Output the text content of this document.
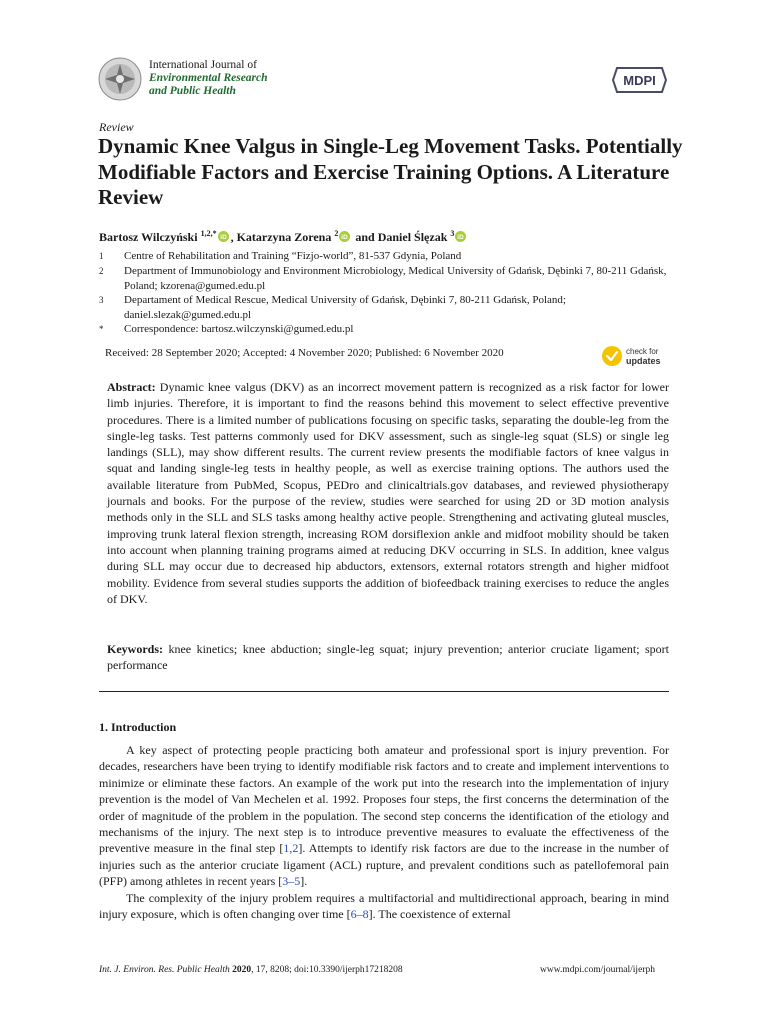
International Journal of
Environmental Research
and Public Health
MDPI
Review
Dynamic Knee Valgus in Single-Leg Movement Tasks. Potentially Modifiable Factors and Exercise Training Options. A Literature Review
Bartosz Wilczyński $^{1,2,*}$ iD , Katarzyna Zorena $^2$ iD and Daniel Ślęzak $^3$ iD
1 Centre of Rehabilitation and Training “Fizjo-world”, 81-537 Gdynia, Poland
2 Department of Immunobiology and Environment Microbiology, Medical University of Gdańsk, Dębinki 7, 80-211 Gdańsk, Poland; kzorena@gumed.edu.pl
3 Departament of Medical Rescue, Medical University of Gdańsk, Dębinki 7, 80-211 Gdańsk, Poland; daniel.slezak@gumed.edu.pl
* Correspondence: bartosz.wilczynski@gumed.edu.pl
Received: 28 September 2020; Accepted: 4 November 2020; Published: 6 November 2020	check for
updates
Abstract: Dynamic knee valgus (DKV) as an incorrect movement pattern is recognized as a risk factor for lower limb injuries. Therefore, it is important to find the reasons behind this movement to select effective preventive procedures. There is a limited number of publications focusing on specific tasks, separating the double-leg from the single-leg tasks. Test patterns commonly used for DKV assessment, such as single-leg squat (SLS) or single leg landings (SLL), may show different results. The current review presents the modifiable factors of knee valgus in squat and landing single-leg tests in healthy people, as well as exercise training options. The authors used the available literature from PubMed, Scopus, PEDro and clinicaltrials.gov databases, and reviewed physiotherapy journals and books. For the purpose of the review, studies were searched for using 2D or 3D motion analysis methods only in the SLL and SLS tasks among healthy active people. Strengthening and activating gluteal muscles, improving trunk lateral flexion strength, increasing ROM dorsiflexion ankle and midfoot mobility should be taken into account when planning training programs aimed at reducing DKV occurring in SLS. In addition, knee valgus during SLL may occur due to decreased hip abductors, extensors, external rotators strength and higher midfoot mobility. Evidence from several studies supports the addition of biofeedback training exercises to reduce the angles of DKV.
Keywords: knee kinetics; knee abduction; single-leg squat; injury prevention; anterior cruciate ligament; sport performance
1. Introduction

A key aspect of protecting people practicing both amateur and professional sport is injury prevention. For decades, researchers have been trying to identify modifiable risk factors and to create and implement interventions to minimize or eliminate these factors. An example of the work put into the research into the implementation of injury prevention is the model of Van Mechelen et al. 1992. Proposes four steps, the first concerns the determination of the order of magnitude of the problem in the population. The second step concerns the identification of the etiology and mechanisms of the injury. The next step is to introduce preventive measures to evaluate the effectiveness of the preventive measure in the final step [1,2]. Attempts to identify risk factors are due to the increase in the number of injuries such as the anterior cruciate ligament (ACL) rupture, and prevalent conditions such as patellofemoral pain (PFP) among athletes in recent years [3–5].

The complexity of the injury problem requires a multifactorial and multidirectional approach, bearing in mind injury exposure, which is often changing over time [6–8]. The coexistence of external

Int. J. Environ. Res. Public Health 2020, 17, 8208; doi:10.3390/ijerph17218208	www.mdpi.com/journal/ijerph
